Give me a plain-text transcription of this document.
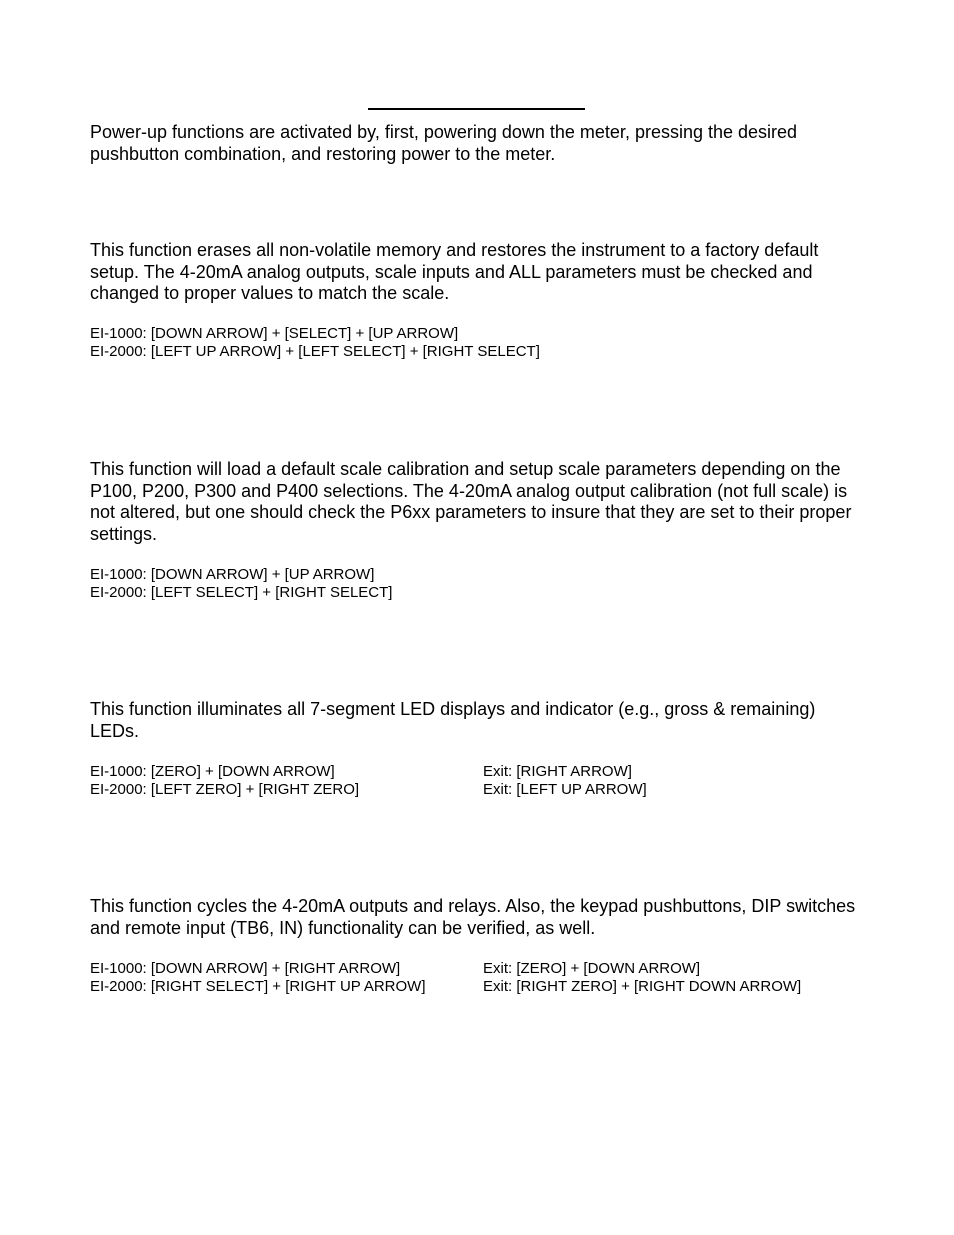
Power-up functions are activated by, first, powering down the meter, pressing the desired pushbutton combination, and restoring power to the meter.

This function erases all non-volatile memory and restores the instrument to a factory default setup. The 4-20mA analog outputs, scale inputs and ALL parameters must be checked and changed to proper values to match the scale.

EI-1000: [DOWN ARROW] + [SELECT] + [UP ARROW]

EI-2000: [LEFT UP ARROW] + [LEFT SELECT] + [RIGHT SELECT]

This function will load a default scale calibration and setup scale parameters depending on the P100, P200, P300 and P400 selections. The 4-20mA analog output calibration (not full scale) is not altered, but one should check the P6xx parameters to insure that they are set to their proper settings.

EI-1000: [DOWN ARROW] + [UP ARROW]

EI-2000: [LEFT SELECT] + [RIGHT SELECT]

This function illuminates all 7-segment LED displays and indicator (e.g., gross & remaining) LEDs.

EI-1000: [ZERO] + [DOWN ARROW]

EI-2000: [LEFT ZERO] + [RIGHT ZERO]

Exit: [RIGHT ARROW]

Exit: [LEFT UP ARROW]

This function cycles the 4-20mA outputs and relays. Also, the keypad pushbuttons, DIP switches and remote input (TB6, IN) functionality can be verified, as well.

EI-1000: [DOWN ARROW] + [RIGHT ARROW]

EI-2000: [RIGHT SELECT] + [RIGHT UP ARROW]

Exit: [ZERO] + [DOWN ARROW]

Exit: [RIGHT ZERO] + [RIGHT DOWN ARROW]
